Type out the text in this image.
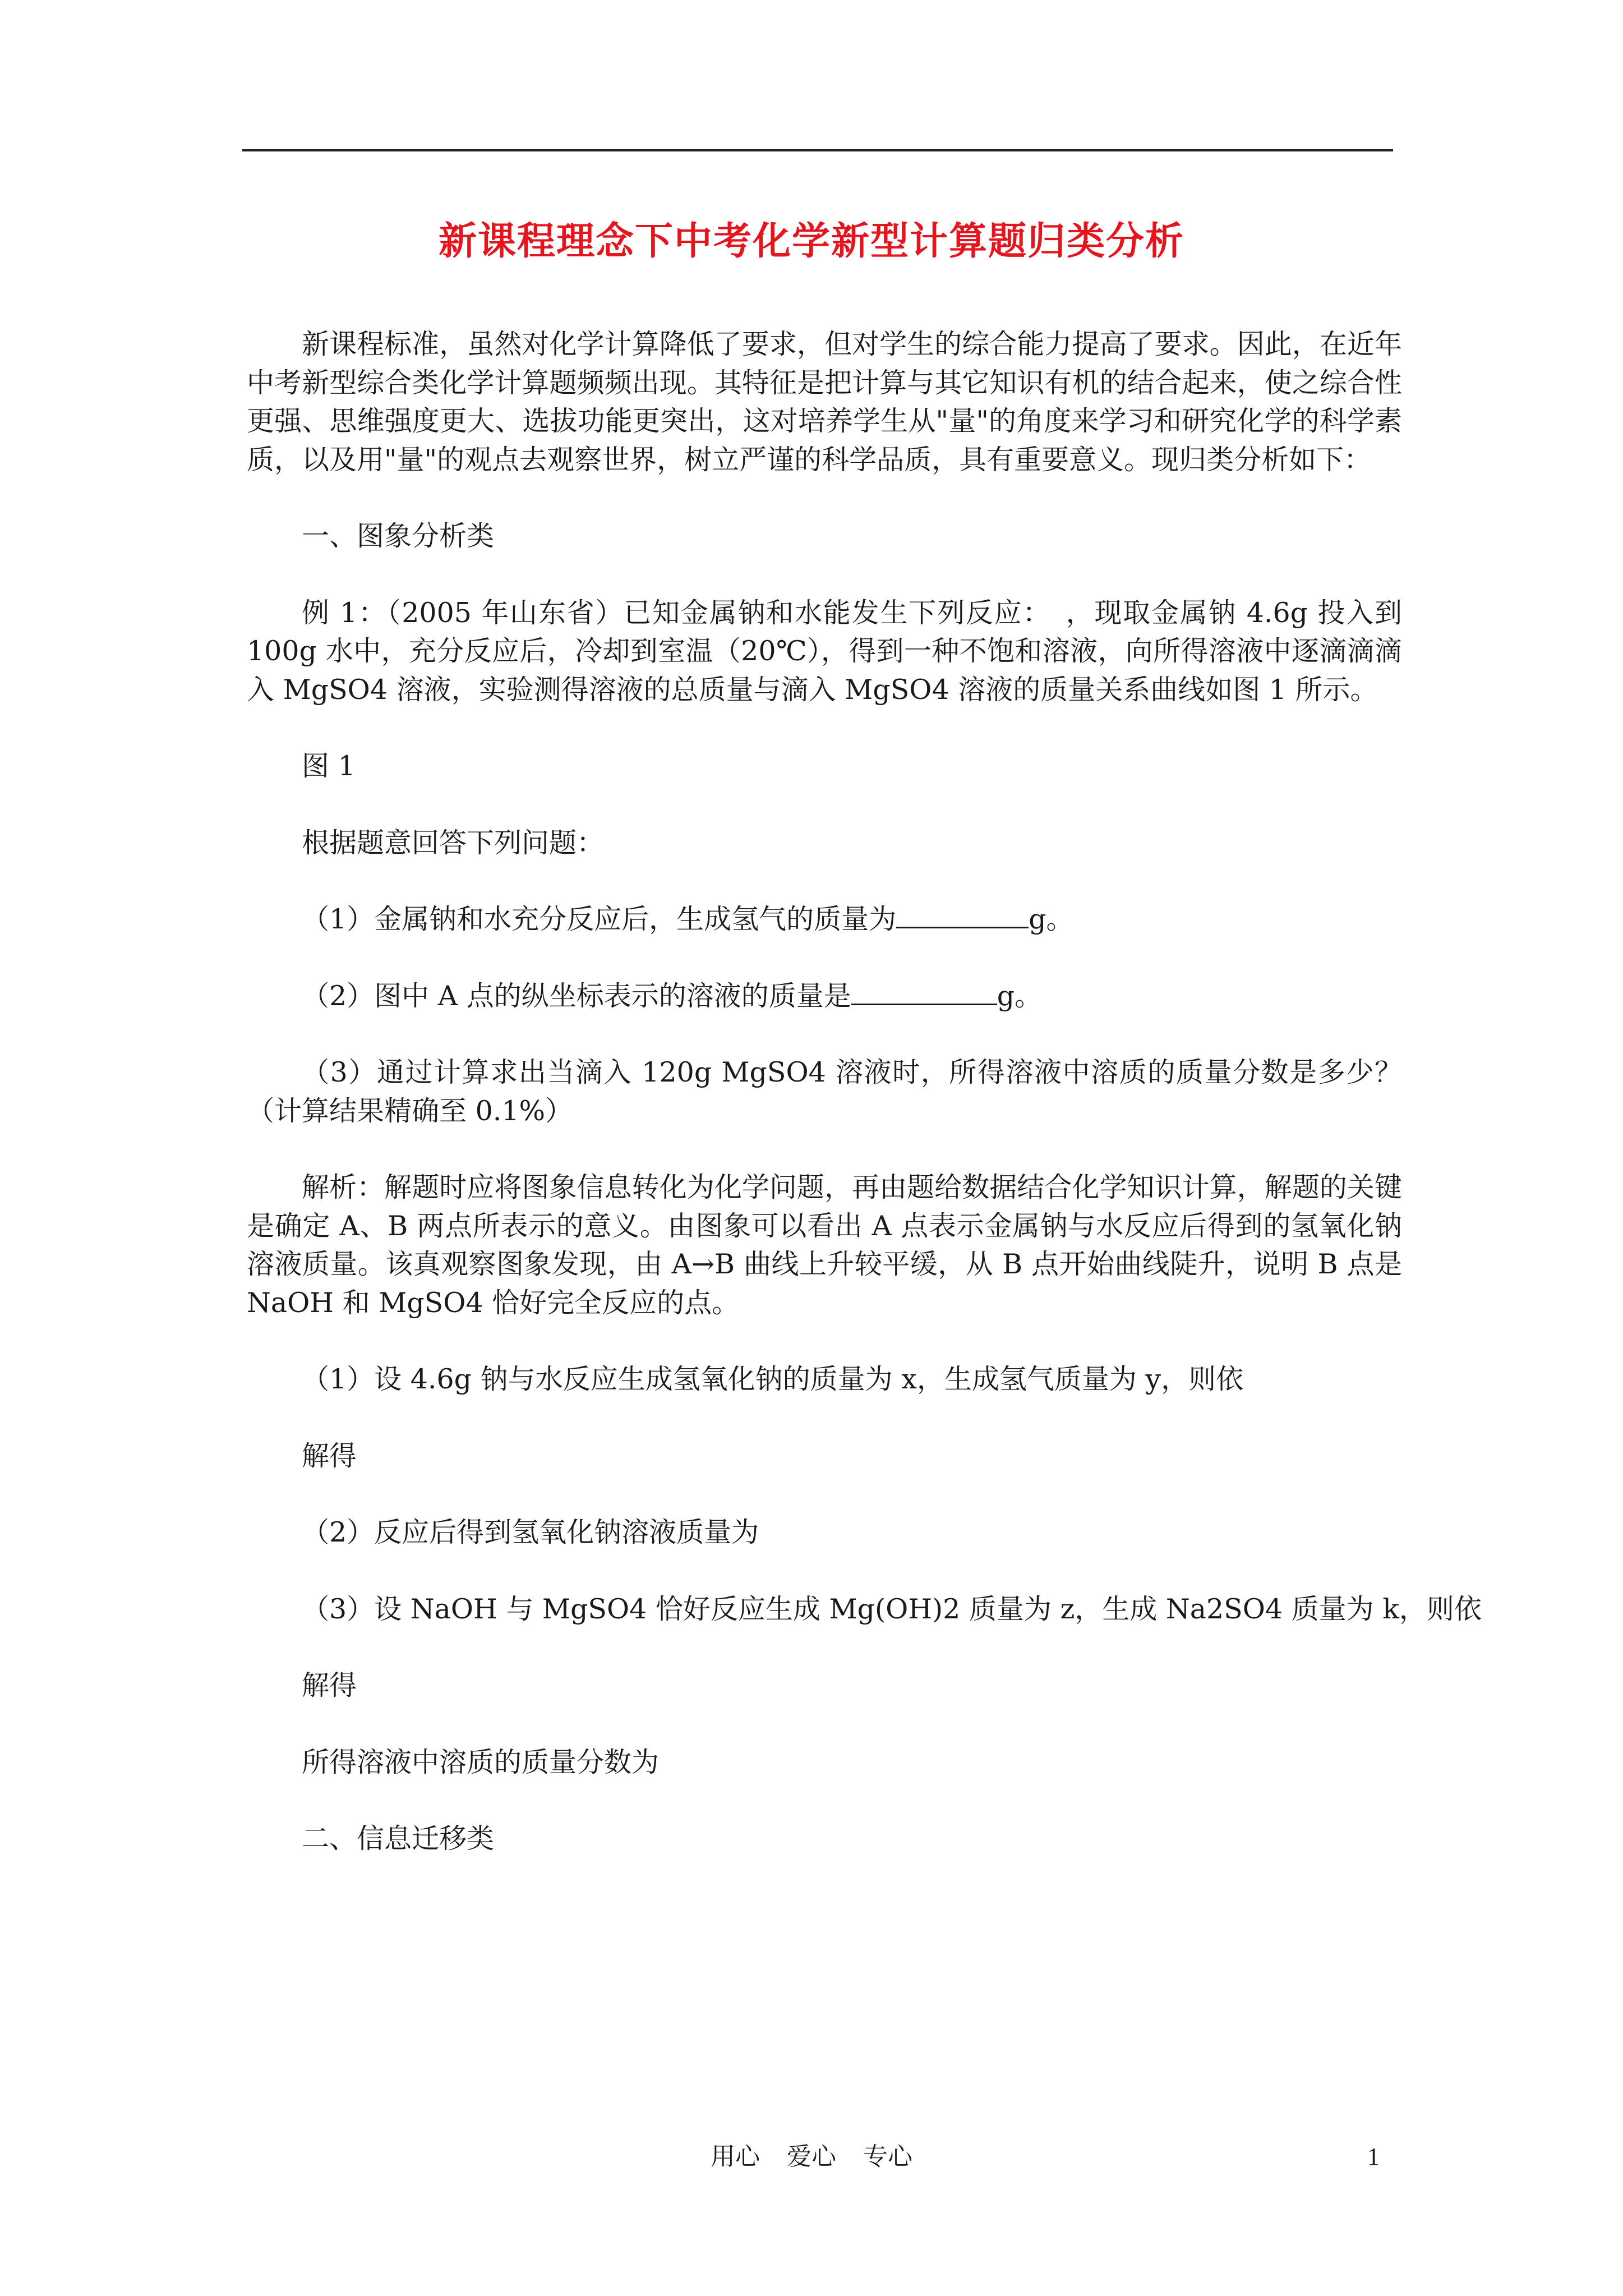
新课程理念下中考化学新型计算题归类分析

新课程标准，虽然对化学计算降低了要求，但对学生的综合能力提高了要求。因此，在近年中考新型综合类化学计算题频频出现。其特征是把计算与其它知识有机的结合起来，使之综合性更强、思维强度更大、选拔功能更突出，这对培养学生从"量"的角度来学习和研究化学的科学素质，以及用"量"的观点去观察世界，树立严谨的科学品质，具有重要意义。现归类分析如下：

一、图象分析类

例 1：（2005 年山东省）已知金属钠和水能发生下列反应：　，现取金属钠 4.6g 投入到 100g 水中，充分反应后，冷却到室温（20℃），得到一种不饱和溶液，向所得溶液中逐滴滴滴入 MgSO4 溶液，实验测得溶液的总质量与滴入 MgSO4 溶液的质量关系曲线如图 1 所示。

图 1

根据题意回答下列问题：

（1）金属钠和水充分反应后，生成氢气的质量为	g。

（2）图中 A 点的纵坐标表示的溶液的质量是	g。

（3）通过计算求出当滴入 120g MgSO4 溶液时，所得溶液中溶质的质量分数是多少？（计算结果精确至 0.1%）

解析：解题时应将图象信息转化为化学问题，再由题给数据结合化学知识计算，解题的关键是确定 A、B 两点所表示的意义。由图象可以看出 A 点表示金属钠与水反应后得到的氢氧化钠溶液质量。该真观察图象发现，由 A→B 曲线上升较平缓，从 B 点开始曲线陡升，说明 B 点是 NaOH 和 MgSO4 恰好完全反应的点。

（1）设 4.6g 钠与水反应生成氢氧化钠的质量为 x，生成氢气质量为 y，则依

解得

（2）反应后得到氢氧化钠溶液质量为

（3）设 NaOH 与 MgSO4 恰好反应生成 Mg(OH)2 质量为 z，生成 Na2SO4 质量为 k，则依

解得

所得溶液中溶质的质量分数为

二、信息迁移类

用心 爱心 专心	1
